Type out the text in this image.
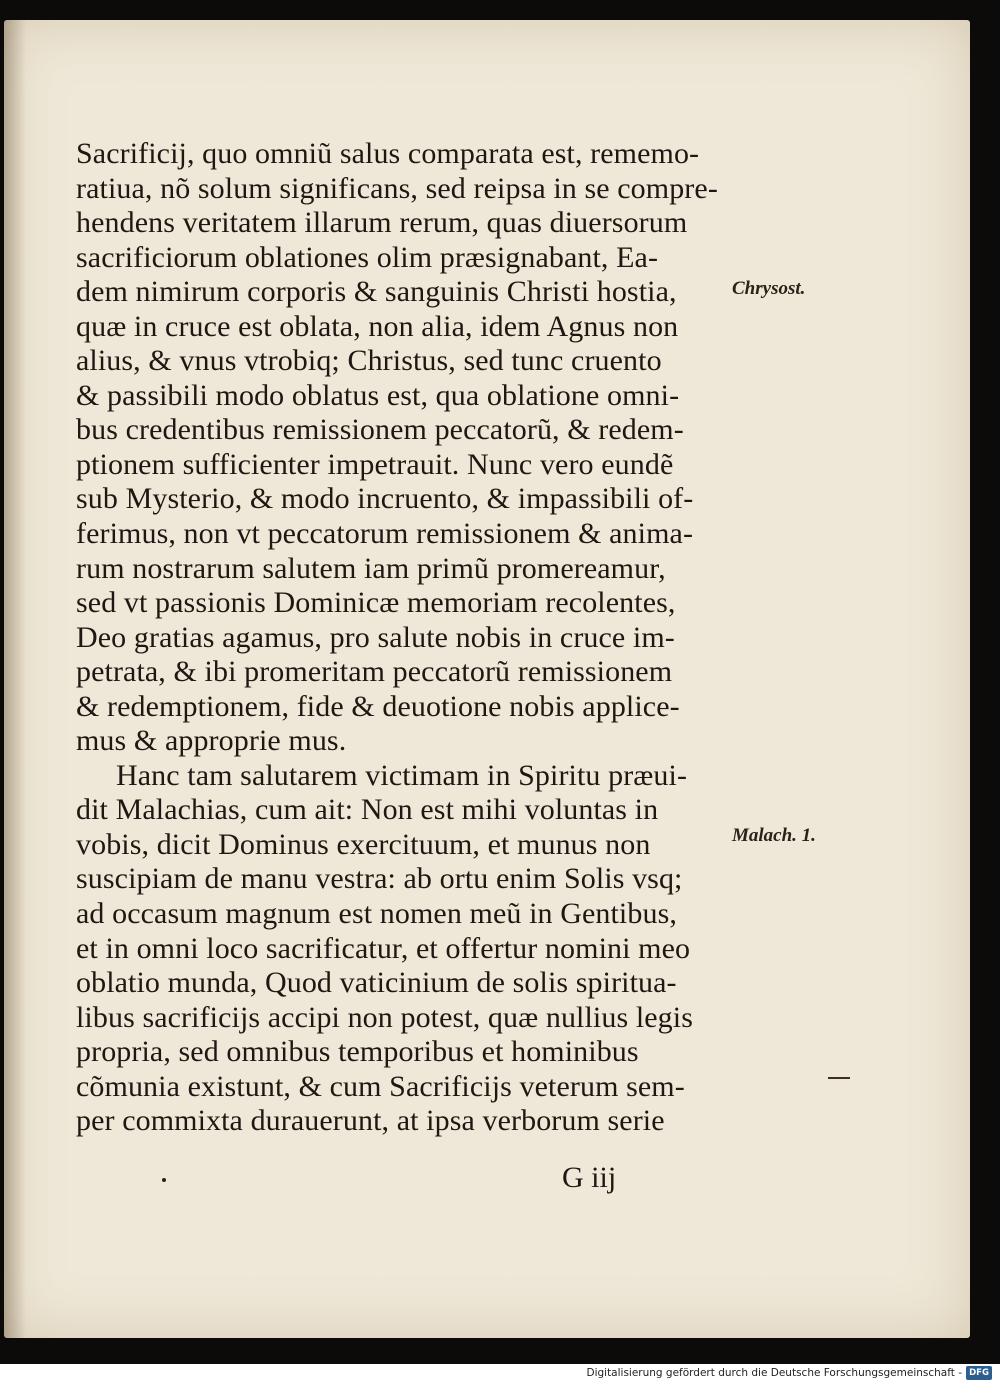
Sacrificij, quo omniũ salus comparata est, rememo-
ratiua, nõ solum significans, sed reipsa in se compre-
hendens veritatem illarum rerum, quas diuersorum
sacrificiorum oblationes olim præsignabant, Ea-
dem nimirum corporis & sanguinis Christi hostia,
quæ in cruce est oblata, non alia, idem Agnus non
alius, & vnus vtrobiq; Christus, sed tunc cruento
& passibili modo oblatus est, qua oblatione omni-
bus credentibus remissionem peccatorũ, & redem-
ptionem sufficienter impetrauit. Nunc vero eundẽ
sub Mysterio, & modo incruento, & impassibili of-
ferimus, non vt peccatorum remissionem & anima-
rum nostrarum salutem iam primũ promereamur,
sed vt passionis Dominicæ memoriam recolentes,
Deo gratias agamus, pro salute nobis in cruce im-
petrata, & ibi promeritam peccatorũ remissionem
& redemptionem, fide & deuotione nobis applice-
mus & approprie mus.
Hanc tam salutarem victimam in Spiritu præui-
dit Malachias, cum ait: Non est mihi voluntas in
vobis, dicit Dominus exercituum, et munus non
suscipiam de manu vestra: ab ortu enim Solis vsq;
ad occasum magnum est nomen meũ in Gentibus,
et in omni loco sacrificatur, et offertur nomini meo
oblatio munda, Quod vaticinium de solis spiritua-
libus sacrificijs accipi non potest, quæ nullius legis
propria, sed omnibus temporibus et hominibus
cõmunia existunt, & cum Sacrificijs veterum sem-
per commixta durauerunt, at ipsa verborum serie
Chrysost.
Malach. 1.
G iij
Digitalisierung gefördert durch die Deutsche Forschungsgemeinschaft - DFG
